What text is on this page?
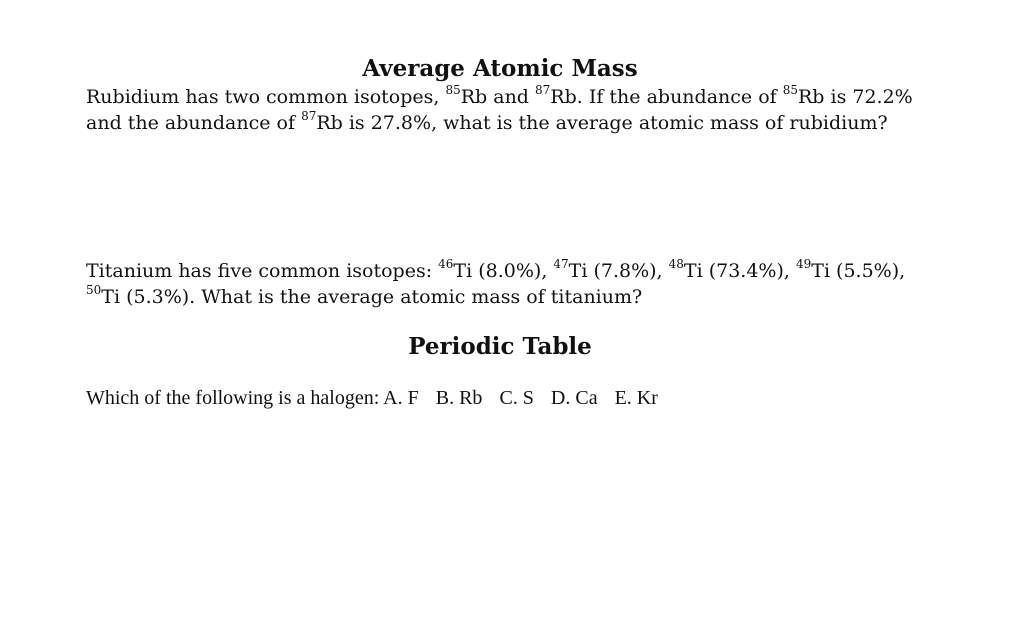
Average Atomic Mass

Rubidium has two common isotopes, $^{85}$Rb and $^{87}$Rb. If the abundance of $^{85}$Rb is 72.2% and the abundance of $^{87}$Rb is 27.8%, what is the average atomic mass of rubidium?

Titanium has five common isotopes: $^{46}$Ti (8.0%), $^{47}$Ti (7.8%), $^{48}$Ti (73.4%), $^{49}$Ti (5.5%), $^{50}$Ti (5.3%). What is the average atomic mass of titanium?

Periodic Table

Which of the following is a halogen: A. F B. Rb C. S D. Ca E. Kr
